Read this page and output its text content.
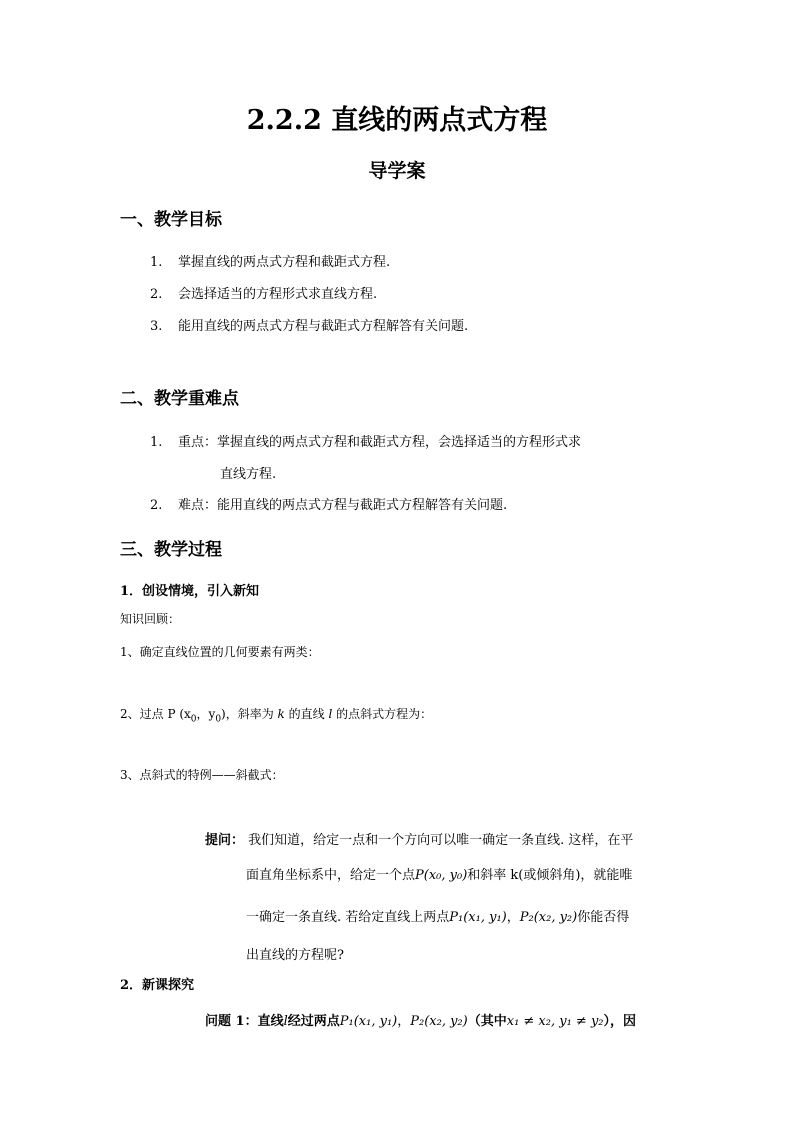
2.2.2 直线的两点式方程
导学案
一、教学目标
1. 掌握直线的两点式方程和截距式方程.
2. 会选择适当的方程形式求直线方程.
3. 能用直线的两点式方程与截距式方程解答有关问题.
二、教学重难点
1. 重点：掌握直线的两点式方程和截距式方程，会选择适当的方程形式求
直线方程.
2. 难点：能用直线的两点式方程与截距式方程解答有关问题.
三、教学过程
1．创设情境，引入新知
知识回顾：
1、确定直线位置的几何要素有两类：
2、过点 P ($x_0$，$y_0$)，斜率为 k 的直线 l 的点斜式方程为：
3、点斜式的特例——斜截式：
提问： 我们知道，给定一点和一个方向可以唯一确定一条直线. 这样，在平
面直角坐标系中，给定一个点P(x₀, y₀)和斜率 k(或倾斜角)，就能唯
一确定一条直线. 若给定直线上两点P₁(x₁, y₁)，P₂(x₂, y₂)你能否得
出直线的方程呢?
2．新课探究
问题 1：直线l经过两点P₁(x₁, y₁)，P₂(x₂, y₂)（其中x₁ ≠ x₂, y₁ ≠ y₂），因
